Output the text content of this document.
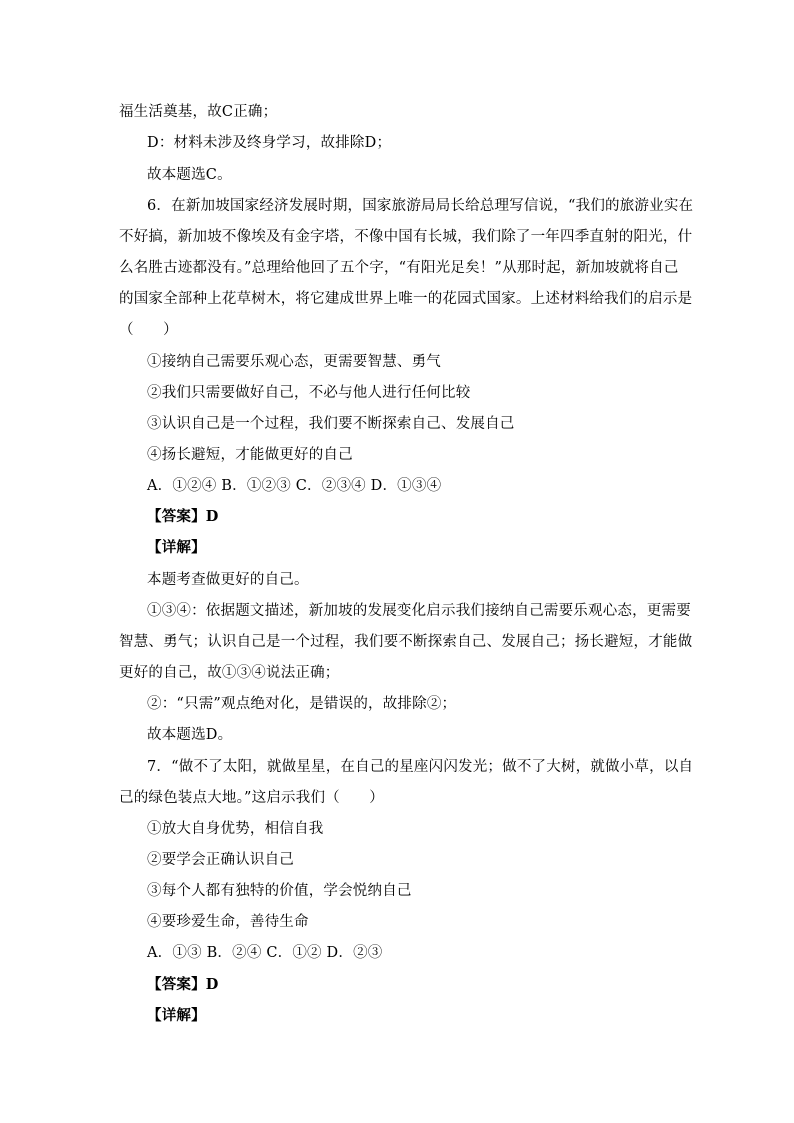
福生活奠基，故C正确；
D：材料未涉及终身学习，故排除D；
故本题选C。
6．在新加坡国家经济发展时期，国家旅游局局长给总理写信说，“我们的旅游业实在
不好搞，新加坡不像埃及有金字塔，不像中国有长城，我们除了一年四季直射的阳光，什
么名胜古迹都没有。”总理给他回了五个字，“有阳光足矣！”从那时起，新加坡就将自己
的国家全部种上花草树木，将它建成世界上唯一的花园式国家。上述材料给我们的启示是
（　　）
①接纳自己需要乐观心态，更需要智慧、勇气
②我们只需要做好自己，不必与他人进行任何比较
③认识自己是一个过程，我们要不断探索自己、发展自己
④扬长避短，才能做更好的自己
A．①②④ B．①②③ C．②③④ D．①③④
【答案】D
【详解】
本题考查做更好的自己。
①③④：依据题文描述，新加坡的发展变化启示我们接纳自己需要乐观心态，更需要
智慧、勇气；认识自己是一个过程，我们要不断探索自己、发展自己；扬长避短，才能做
更好的自己，故①③④说法正确；
②：“只需”观点绝对化，是错误的，故排除②；
故本题选D。
7．“做不了太阳，就做星星，在自己的星座闪闪发光；做不了大树，就做小草，以自
己的绿色装点大地。”这启示我们（　　）
①放大自身优势，相信自我
②要学会正确认识自己
③每个人都有独特的价值，学会悦纳自己
④要珍爱生命，善待生命
A．①③ B．②④ C．①② D．②③
【答案】D
【详解】
